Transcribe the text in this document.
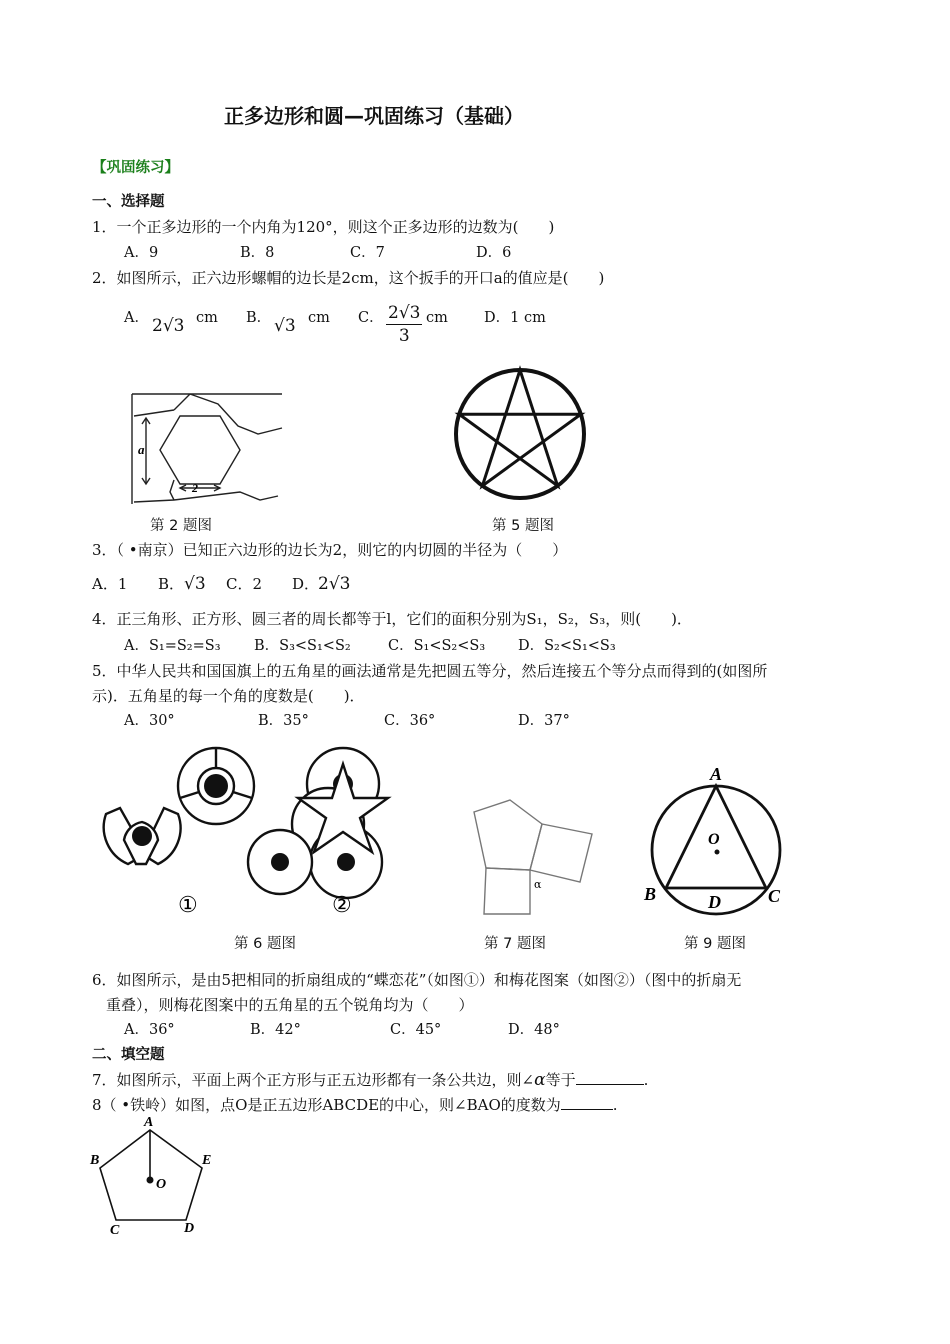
正多边形和圆—巩固练习（基础）
【巩固练习】
一、选择题
1．一个正多边形的一个内角为120°，则这个正多边形的边数为(　　)
A．9	B．8	C．7	D．6
2．如图所示，正六边形螺帽的边长是2cm，这个扳手的开口a的值应是(　　)
A． 2√3 cm B． √3 cm C． $\frac{2√3}{3}$ cm D．1 cm
a
2
第 2 题图	第 5 题图
3．（ •南京）已知正六边形的边长为2，则它的内切圆的半径为（　　）
A．1 B． √3 C．2 D．
2√3
4．正三角形、正方形、圆三者的周长都等于l，它们的面积分别为S₁，S₂，S₃，则(　　)．
A．S₁=S₂=S₃ B．S₃<S₁<S₂	C．S₁<S₂<S₃ D．S₂<S₁<S₃
5．中华人民共和国国旗上的五角星的画法通常是先把圆五等分，然后连接五个等分点而得到的(如图所
示)．五角星的每一个角的度数是(　　)．
A．30°	B．35°	C．36°	D．37°
①	②
第 6 题图
α
第 7 题图
A
B	C
D
O
第 9 题图
6．如图所示，是由5把相同的折扇组成的“蝶恋花”（如图①）和梅花图案（如图②）（图中的折扇无
重叠），则梅花图案中的五角星的五个锐角均为（　　）
A．36°	B．42°	C．45°	D．48°
二、填空题
7．如图所示，平面上两个正方形与正五边形都有一条公共边，则∠α等于	.
8（ •铁岭）如图，点O是正五边形ABCDE的中心，则∠BAO的度数为	.
A
B	E
C	D
O
